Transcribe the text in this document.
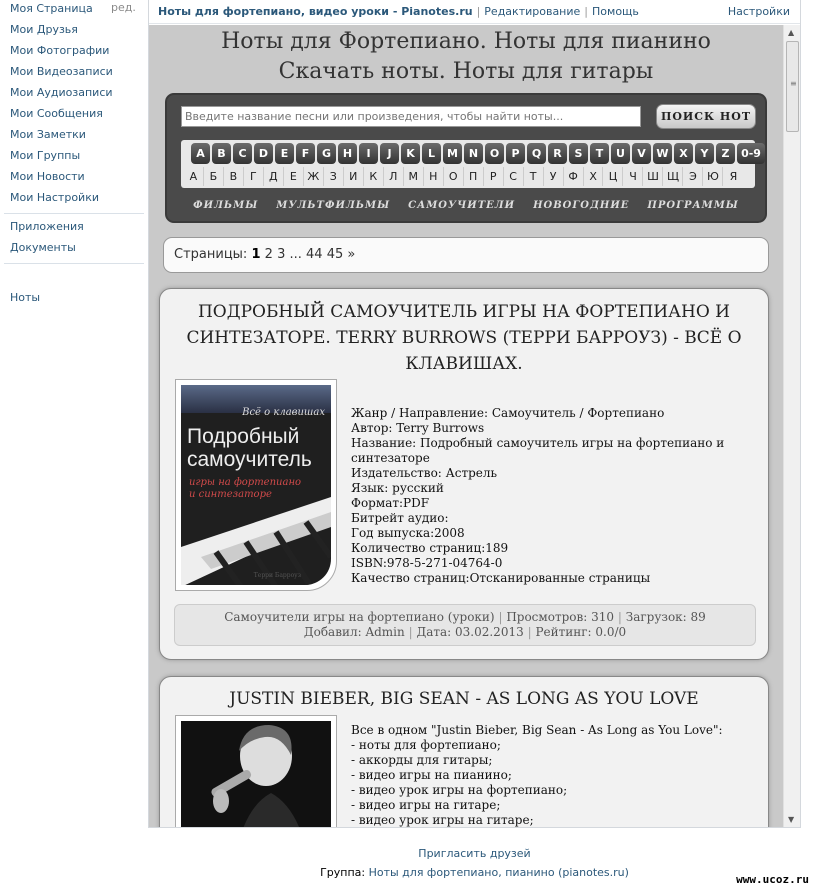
Моя Страница	ред.
Мои Друзья
Мои Фотографии
Мои Видеозаписи
Мои Аудиозаписи
Мои Сообщения
Мои Заметки
Мои Группы
Мои Новости
Мои Настройки
Приложения
Документы
Ноты
Ноты для фортепиано, видео уроки - Pianotes.ru | Редактирование | Помощь	Настройки
Ноты для Фортепиано. Ноты для пианино
Скачать ноты. Ноты для гитары
Введите название песни или произведения, чтобы найти ноты...
ПОИСК НОТ
A	B	C	D	E	F	G	H	I	J	K	L	M N	O	P	Q	R	S	T	U	V W X	Y	Z	0-9
А	Б	В	Г	Д	Е Ж З	И	К	Л	М	Н	О	П	Р	С	Т	У	Ф	Х	Ц	Ч Ш Щ Э Ю Я
ФИЛЬМЫ МУЛЬТФИЛЬМЫ САМОУЧИТЕЛИ НОВОГОДНИЕ ПРОГРАММЫ
Страницы: 1 2 3 ... 44 45 »
ПОДРОБНЫЙ САМОУЧИТЕЛЬ ИГРЫ НА ФОРТЕПИАНО И СИНТЕЗАТОРЕ. TERRY BURROWS (ТЕРРИ БАРРОУЗ) - ВСЁ О КЛАВИШАХ.
Всё о клавишах
Подробный
самоучитель
игры на фортепиано
и синтезаторе
Терри Барроуз
Жанр / Направление: Самоучитель / Фортепиано
Автор: Terry Burrows
Название: Подробный самоучитель игры на фортепиано и синтезаторе
Издательство: Астрель
Язык: русский
Формат:PDF
Битрейт аудио:
Год выпуска:2008
Количество страниц:189
ISBN:978-5-271-04764-0
Качество страниц:Отсканированные страницы
Самоучители игры на фортепиано (уроки) | Просмотров: 310 | Загрузок: 89
Добавил: Admin | Дата: 03.02.2013 | Рейтинг: 0.0/0
JUSTIN BIEBER, BIG SEAN - AS LONG AS YOU LOVE
Все в одном "Justin Bieber, Big Sean - As Long as You Love":
- ноты для фортепиано;
- аккорды для гитары;
- видео игры на пианино;
- видео урок игры на фортепиано;
- видео игры на гитаре;
- видео урок игры на гитаре;
▲
≡
▼
Пригласить друзей
Группа: Ноты для фортепиано, пианино (pianotes.ru)
www.ucoz.ru
